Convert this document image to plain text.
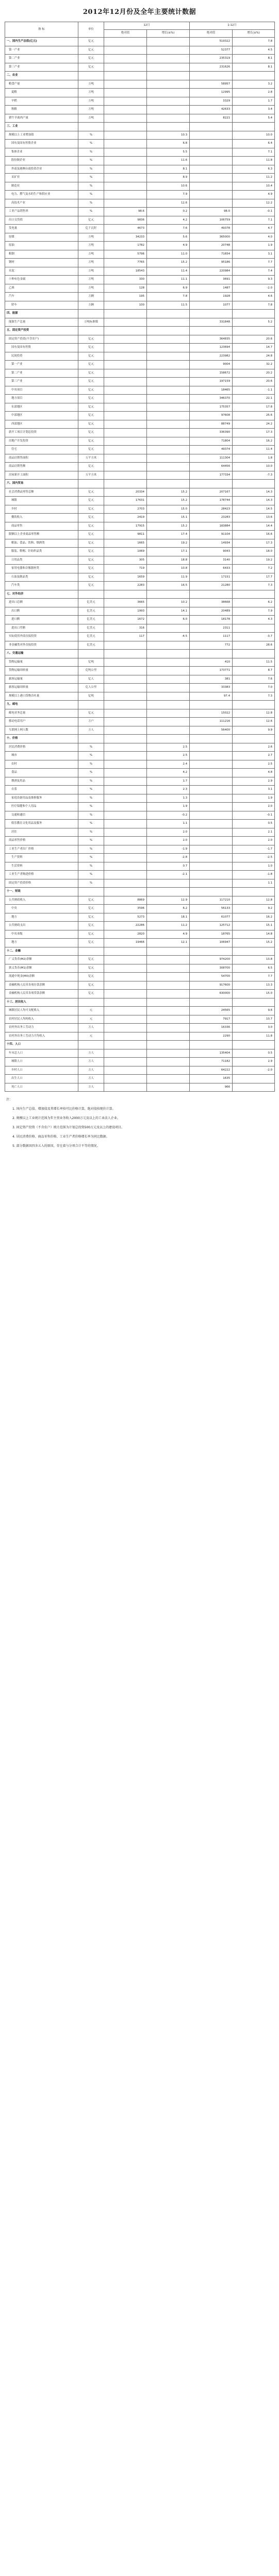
2012年12月份及全年主要统计数据
指 标	单位	12月		1-12月	
		绝对值	增长(±%)	绝对值	增长(±%)
一、国内生产总值(亿元)	亿元			519322	7.8
第一产业	亿元			52377	4.5
第二产业	亿元			235319	8.1
第三产业	亿元			231626	8.1
二、农业					
粮食产量	万吨			58957	3.2
夏粮	万吨			12995	2.8
早稻	万吨			3329	1.7
秋粮	万吨			42633	3.4
猪牛羊禽肉产量	万吨			8221	5.4
三、工业					
规模以上工业增加值	%		10.3		10.0
国有及国有控股企业	%		6.8		6.4
集体企业	%		5.5		7.1
股份制企业	%		11.6		11.8
外商及港澳台商投资企业	%		8.1		6.3
采矿业	%		8.9		11.2
制造业	%		10.6		10.4
电力、燃气及水的生产和供应业	%		7.9		4.9
高技术产业	%		12.6		12.2
工业产品销售率	%	98.6	0.2	98.0	-0.1
出口交货值	亿元	9836	4.2	106759	7.1
发电量	亿千瓦时	4673	7.6	49378	4.7
原煤	万吨	34233	5.6	365000	4.0
原油	万吨	1782	4.9	20748	1.9
粗钢	万吨	5796	11.0	71654	3.1
钢材	万吨	7765	15.2	95186	7.7
水泥	万吨	18543	11.4	220984	7.4
十种有色金属	万吨	330	11.1	3691	9.3
乙烯	万吨	128	6.9	1487	-2.0
汽车	万辆	195	7.8	1928	4.6
轿车	万辆	100	11.5	1077	7.8
四、能源					
能源生产总量	万吨标准煤			331848	5.2
五、固定资产投资					
固定资产投资(不含农户)	亿元			364835	20.6
国有及国有控股	亿元			123694	14.7
民间投资	亿元			223982	24.8
第一产业	亿元			9004	32.2
第二产业	亿元			158672	20.2
第三产业	亿元			197159	20.6
中央项目	亿元			18465	-1.1
地方项目	亿元			346370	22.1
东部地区	亿元			175357	17.8
中部地区	亿元			97608	25.6
西部地区	亿元			88749	24.2
新开工项目计划总投资	亿元			336390	17.3
房地产开发投资	亿元			71804	16.2
住宅	亿元			49374	11.4
商品房销售面积	万平方米			111304	1.8
商品房销售额	亿元			64456	10.0
房屋新开工面积	万平方米			177334	-7.3
六、国内贸易					
社会消费品零售总额	亿元	20334	15.2	207167	14.3
城镇	亿元	17631	15.2	178744	14.3
乡村	亿元	2703	15.0	28423	14.5
餐饮收入	亿元	2419	15.1	23283	13.6
商品零售	亿元	17915	15.2	183884	14.4
限额以上企业商品零售额	亿元	9811	17.4	91104	16.6
粮油、食品、饮料、烟酒类	亿元	1665	19.2	14934	17.3
服装、鞋帽、针纺织品类	亿元	1069	17.1	9043	18.0
日用品类	亿元	305	18.8	3140	19.2
家用电器和音像器材类	亿元	719	10.8	6433	7.2
石油及制品类	亿元	1659	11.9	17151	17.7
汽车类	亿元	2283	16.5	21280	7.3
七、对外经济					
进出口总额	亿美元	3665	10.2	38668	6.2
出口额	亿美元	1993	14.1	20489	7.9
进口额	亿美元	1672	6.0	18178	4.3
进出口差额	亿美元	316		2311	
实际使用外商直接投资	亿美元	117	-4.5	1117	-3.7
非金融类对外直接投资	亿美元			772	28.6
八、交通运输					
货物运输量	亿吨			410	11.5
货物运输周转量	亿吨公里			173771	8.7
旅客运输量	亿人			381	7.6
旅客运输周转量	亿人公里			33383	7.0
规模以上港口货物吞吐量	亿吨			97.4	7.3
九、邮电					
邮电业务总量	亿元			15022	12.8
移动电话用户	万户			111216	12.6
互联网上网人数	万人			56400	9.9
十、价格					
居民消费价格	%		2.5		2.6
城市	%		2.5		2.7
农村	%		2.4		2.5
食品	%		4.2		4.8
烟酒及用品	%		1.7		2.9
衣着	%		2.3		3.1
家庭设备用品及维修服务	%		1.3		1.9
医疗保健和个人用品	%		1.9		2.0
交通和通信	%		-0.2		-0.1
娱乐教育文化用品及服务	%		1.1		0.5
居住	%		2.0		2.1
商品零售价格	%		2.0		2.0
工业生产者出厂价格	%		-1.9		-1.7
生产资料	%		-2.8		-2.5
生活资料	%		0.7		1.0
工业生产者购进价格	%		-2.1		-1.8
固定资产投资价格	%				1.1
十一、财政					
公共财政收入	亿元	8869	12.9	117210	12.8
中央	亿元	3596	6.2	56133	9.2
地方	亿元	5273	18.1	61077	16.2
公共财政支出	亿元	22286	11.2	125712	15.1
中央本级	亿元	2820	4.9	18765	14.8
地方	亿元	19466	12.1	106947	15.2
十二、金融					
广义货币(M2)余额	亿元			974200	13.8
狭义货币(M1)余额	亿元			308700	6.5
流通中现金(M0)余额	亿元			54700	7.7
金融机构人民币各项存款余额	亿元			917600	13.3
金融机构人民币各项贷款余额	亿元			630000	15.0
十三、居民收入					
城镇居民人均可支配收入	元			24565	9.6
农村居民人均纯收入	元			7917	10.7
农村外出务工劳动力	万人			16336	3.0
农村外出务工劳动力月均收入	元			2290	11.8
十四、人口					
年末总人口	万人			135404	0.5
城镇人口	万人			71182	2.9
乡村人口	万人			64222	-2.0
出生人口	万人			1635	
死亡人口	万人			966	

注：

1. 国内生产总值、增加值及其增长率按可比价格计算，绝对值按现价计算。

2. 规模以上工业统计范围为年主营业务收入2000万元及以上的工业法人企业。

3. 固定资产投资（不含农户）统计范围为计划总投资500万元及以上的建设项目。

4. 居民消费价格、商品零售价格、工业生产者价格增长率为同比数据。

5. 部分数据因四舍五入的原因，存在着与分项合计不等的情况。
